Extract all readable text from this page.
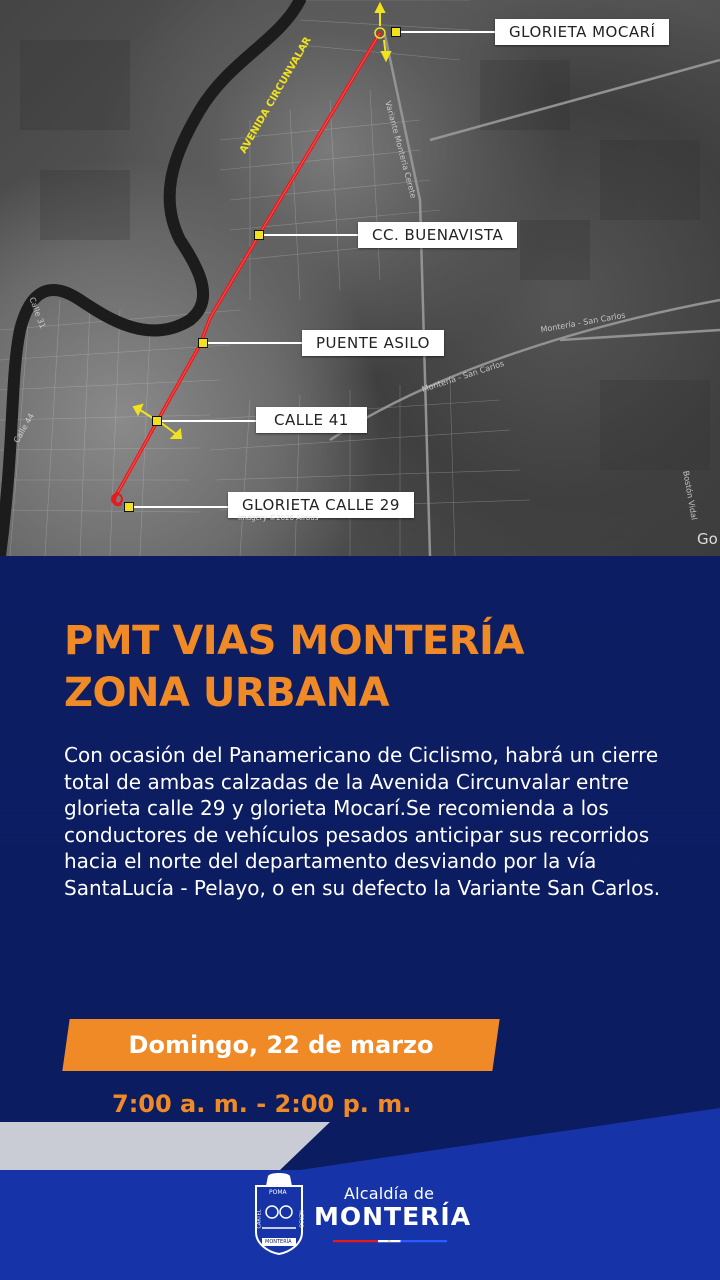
AVENIDA CIRCUNVALAR
Montería - San Carlos
Montería - San Carlos
Variante Monteria Cerete
Calle 31
Calle 44
Bostón Vidal
GLORIETA MOCARÍ
CC. BUENAVISTA
PUENTE ASILO
CALLE 41
GLORIETA CALLE 29
Imagery ©2026 Airbus
Go
PMT VIAS MONTERÍA
ZONA URBANA

Con ocasión del Panamericano de Ciclismo, habrá un cierre total de ambas calzadas de la Avenida Circunvalar entre glorieta calle 29 y glorieta Mocarí.Se recomienda a los conductores de vehículos pesados anticipar sus recorridos hacia el norte del departamento desviando por la vía SantaLucía - Pelayo, o en su defecto la Variante San Carlos.

Domingo, 22 de marzo

7:00 a. m. - 2:00 p. m.

POMA
CARTEL	NERSO
MONTERÍA
Alcaldía de
MONTERÍA
